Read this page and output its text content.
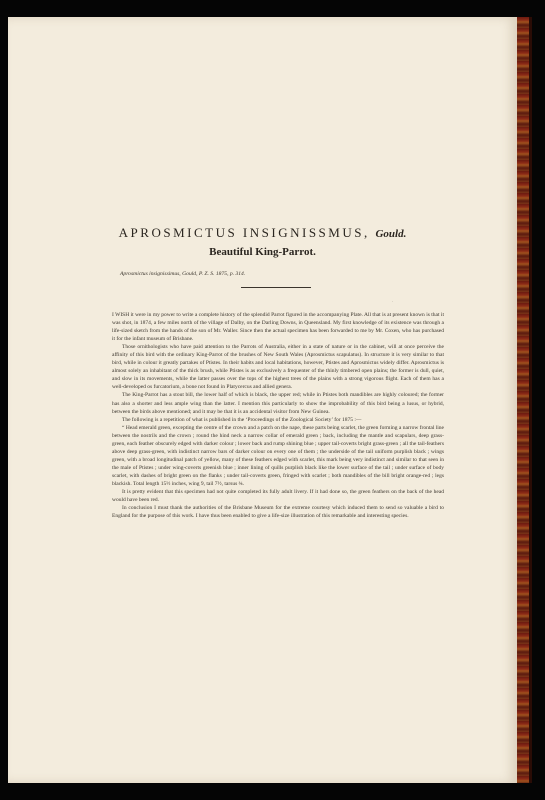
APROSMICTUS INSIGNISSMUS, Gould.
Beautiful King-Parrot.
Aprosmictus insignissimus, Gould, P. Z. S. 1875, p. 314.
·

I WISH it were in my power to write a complete history of the splendid Parrot figured in the accompanying Plate. All that is at present known is that it was shot, in 1874, a few miles north of the village of Dalby, on the Darling Downs, in Queensland. My first knowledge of its existence was through a life-sized sketch from the hands of the son of Mr. Waller. Since then the actual specimen has been forwarded to me by Mr. Coxen, who has purchased it for the infant museum of Brisbane.

Those ornithologists who have paid attention to the Parrots of Australia, either in a state of nature or in the cabinet, will at once perceive the affinity of this bird with the ordinary King-Parrot of the brushes of New South Wales (Aprosmictus scapulatus). In structure it is very similar to that bird, while in colour it greatly partakes of Ptistes. In their habits and local habitations, however, Ptistes and Aprosmictus widely differ. Aprosmictus is almost solely an inhabitant of the thick brush, while Ptistes is as exclusively a frequenter of the thinly timbered open plains; the former is dull, quiet, and slow in its movements, while the latter passes over the tops of the highest trees of the plains with a strong vigorous flight. Each of them has a well-developed os furcatorium, a bone not found in Platycercus and allied genera.

The King-Parrot has a stout bill, the lower half of which is black, the upper red; while in Ptistes both mandibles are highly coloured; the former has also a shorter and less ample wing than the latter. I mention this particularly to show the improbability of this bird being a lusus, or hybrid, between the birds above mentioned; and it may be that it is an accidental visitor from New Guinea.

The following is a repetition of what is published in the ‘Proceedings of the Zoological Society’ for 1875 :—

“ Head emerald green, excepting the centre of the crown and a patch on the nape, these parts being scarlet, the green forming a narrow frontal line between the nostrils and the crown ; round the hind neck a narrow collar of emerald green ; back, including the mantle and scapulars, deep grass-green, each feather obscurely edged with darker colour ; lower back and rump shining blue ; upper tail-coverts bright grass-green ; all the tail-feathers above deep grass-green, with indistinct narrow bars of darker colour on every one of them ; the underside of the tail uniform purplish black ; wings green, with a broad longitudinal patch of yellow, many of these feathers edged with scarlet, this mark being very indistinct and similar to that seen in the male of Ptistes ; under wing-coverts greenish blue ; inner lining of quills purplish black like the lower surface of the tail ; under surface of body scarlet, with dashes of bright green on the flanks ; under tail-coverts green, fringed with scarlet ; both mandibles of the bill bright orange-red ; legs blackish. Total length 15½ inches, wing 9, tail 7½, tarsus ¾.

It is pretty evident that this specimen had not quite completed its fully adult livery. If it had done so, the green feathers on the back of the head would have been red.

In conclusion I must thank the authorities of the Brisbane Museum for the extreme courtesy which induced them to send so valuable a bird to England for the purpose of this work. I have thus been enabled to give a life-size illustration of this remarkable and interesting species.
